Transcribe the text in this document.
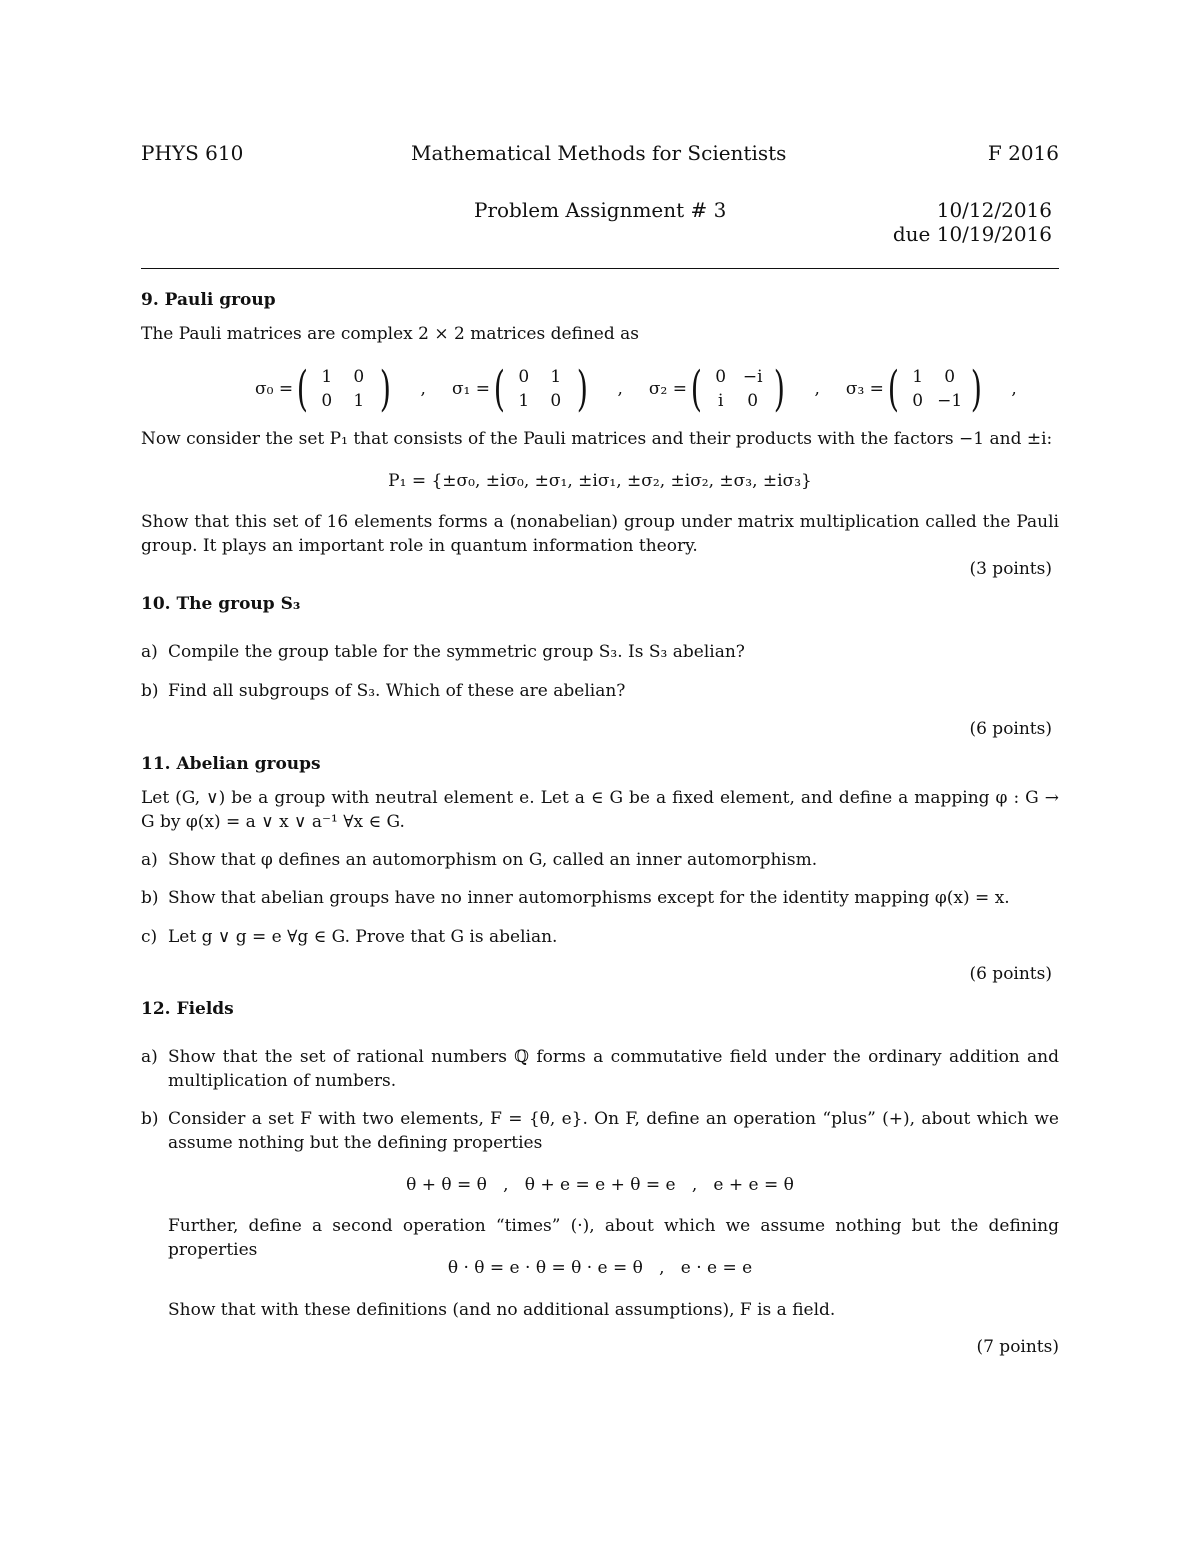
PHYS 610	Mathematical Methods for Scientists	F 2016
Problem Assignment # 3	10/12/2016
due 10/19/2016
9. Pauli group
The Pauli matrices are complex 2 × 2 matrices defined as
σ₀ = ( 1	0
0	1 ) , σ₁ = ( 0	1
1	0 ) , σ₂ = ( 0 −i
i	0 ) , σ₃ = ( 1	0
0 −1 ) ,
Now consider the set P₁ that consists of the Pauli matrices and their products with the factors −1 and ±i:
P₁ = {±σ₀, ±iσ₀, ±σ₁, ±iσ₁, ±σ₂, ±iσ₂, ±σ₃, ±iσ₃}
Show that this set of 16 elements forms a (nonabelian) group under matrix multiplication called the Pauli group. It plays an important role in quantum information theory.
(3 points)
10. The group S₃
a) Compile the group table for the symmetric group S₃. Is S₃ abelian?
b) Find all subgroups of S₃. Which of these are abelian?
(6 points)
11. Abelian groups
Let (G, ∨) be a group with neutral element e. Let a ∈ G be a fixed element, and define a mapping φ : G → G by φ(x) = a ∨ x ∨ a⁻¹ ∀x ∈ G.
a) Show that φ defines an automorphism on G, called an inner automorphism.
b) Show that abelian groups have no inner automorphisms except for the identity mapping φ(x) = x.
c) Let g ∨ g = e ∀g ∈ G. Prove that G is abelian.
(6 points)
12. Fields
a) Show that the set of rational numbers ℚ forms a commutative field under the ordinary addition and multiplication of numbers.
b) Consider a set F with two elements, F = {θ, e}. On F, define an operation “plus” (+), about which we assume nothing but the defining properties
θ + θ = θ   ,   θ + e = e + θ = e   ,   e + e = θ
Further, define a second operation “times” (·), about which we assume nothing but the defining properties
θ · θ = e · θ = θ · e = θ   ,   e · e = e
Show that with these definitions (and no additional assumptions), F is a field.
(7 points)
